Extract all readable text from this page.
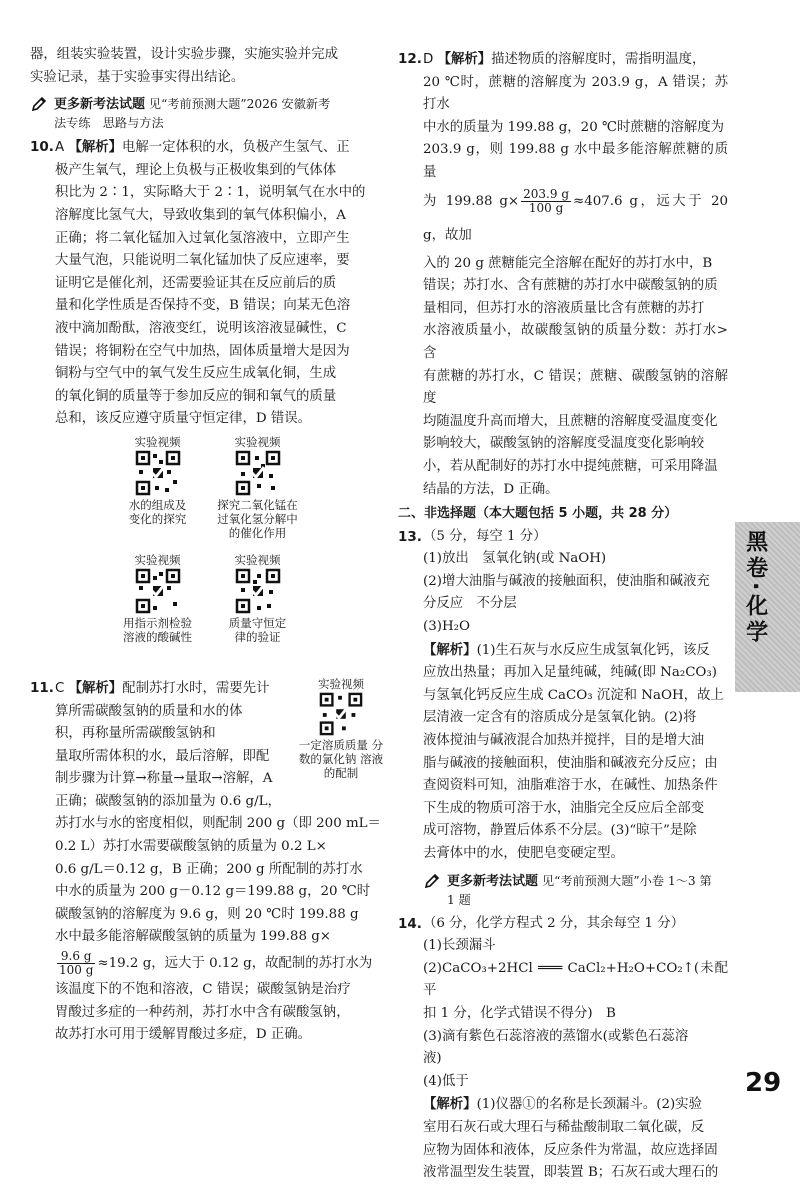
器，组装实验装置，设计实验步骤，实施实验并完成

实验记录，基于实验事实得出结论。

更多新考法试题 见“考前预测大题”2026 安徽新考
法专练　思路与方法
10. A 【解析】电解一定体积的水，负极产生氢气、正

极产生氧气，理论上负极与正极收集到的气体体

积比为 2∶1，实际略大于 2∶1，说明氧气在水中的

溶解度比氢气大，导致收集到的氧气体积偏小，A

正确；将二氧化锰加入过氧化氢溶液中，立即产生

大量气泡，只能说明二氧化锰加快了反应速率，要

证明它是催化剂，还需要验证其在反应前后的质

量和化学性质是否保持不变，B 错误；向某无色溶

液中滴加酚酞，溶液变红，说明该溶液显碱性，C

错误；将铜粉在空气中加热，固体质量增大是因为

铜粉与空气中的氧气发生反应生成氧化铜，生成

的氧化铜的质量等于参加反应的铜和氧气的质量

总和，该反应遵守质量守恒定律，D 错误。

实验视频
水的组成及
变化的探究
实验视频
探究二氧化锰在
过氧化氢分解中
的催化作用
实验视频
用指示剂检验
溶液的酸碱性
实验视频
质量守恒定
律的验证
实验视频
一定溶质质量 分数的氯化钠 溶液的配制
11. C 【解析】配制苏打水时，需要先计

算所需碳酸氢钠的质量和水的体

积，再称量所需碳酸氢钠和

量取所需体积的水，最后溶解，即配

制步骤为计算→称量→量取→溶解，A

正确；碳酸氢钠的添加量为 0.6 g/L，

苏打水与水的密度相似，则配制 200 g（即 200 mL＝

0.2 L）苏打水需要碳酸氢钠的质量为 0.2 L×

0.6 g/L＝0.12 g，B 正确；200 g 所配制的苏打水

中水的质量为 200 g－0.12 g＝199.88 g，20 ℃时

碳酸氢钠的溶解度为 9.6 g，则 20 ℃时 199.88 g

水中最多能溶解碳酸氢钠的质量为 199.88 g×

$\frac{9.6 g}{100 g} \approx 19.2$ g，远大于 0.12 g，故配制的苏打水为

该温度下的不饱和溶液，C 错误；碳酸氢钠是治疗

胃酸过多症的一种药剂，苏打水中含有碳酸氢钠，

故苏打水可用于缓解胃酸过多症，D 正确。

12. D 【解析】描述物质的溶解度时，需指明温度，

20 ℃时，蔗糖的溶解度为 203.9 g，A 错误；苏打水

中水的质量为 199.88 g，20 ℃时蔗糖的溶解度为

203.9 g，则 199.88 g 水中最多能溶解蔗糖的质量

为 199.88 $g\times \frac{203.9 g}{100 g} \approx 407.6$ g，远大于 20 g，故加

入的 20 g 蔗糖能完全溶解在配好的苏打水中，B

错误；苏打水、含有蔗糖的苏打水中碳酸氢钠的质

量相同，但苏打水的溶液质量比含有蔗糖的苏打

水溶液质量小，故碳酸氢钠的质量分数：苏打水>含

有蔗糖的苏打水，C 错误；蔗糖、碳酸氢钠的溶解度

均随温度升高而增大，且蔗糖的溶解度受温度变化

影响较大，碳酸氢钠的溶解度受温度变化影响较

小，若从配制好的苏打水中提纯蔗糖，可采用降温

结晶的方法，D 正确。

二、非选择题（本大题包括 5 小题，共 28 分）

13. （5 分，每空 1 分）

(1)放出　氢氧化钠(或 NaOH)

(2)增大油脂与碱液的接触面积，使油脂和碱液充

分反应　不分层

(3)H₂O

【解析】(1)生石灰与水反应生成氢氧化钙，该反

应放出热量；再加入足量纯碱，纯碱(即 Na₂CO₃)

与氢氧化钙反应生成 CaCO₃ 沉淀和 NaOH，故上

层清液一定含有的溶质成分是氢氧化钠。(2)将

液体搅油与碱液混合加热并搅拌，目的是增大油

脂与碱液的接触面积，使油脂和碱液充分反应；由

查阅资料可知，油脂难溶于水，在碱性、加热条件

下生成的物质可溶于水，油脂完全反应后全部变

成可溶物，静置后体系不分层。(3)“晾干”是除

去膏体中的水，使肥皂变硬定型。

更多新考法试题 见“考前预测大题”小卷 1～3 第
1 题
14. （6 分，化学方程式 2 分，其余每空 1 分）

(1)长颈漏斗

(2)CaCO₃+2HCl ═══ CaCl₂+H₂O+CO₂↑(未配平

扣 1 分，化学式错误不得分)　B

(3)滴有紫色石蕊溶液的蒸馏水(或紫色石蕊溶

液)

(4)低于

【解析】(1)仪器①的名称是长颈漏斗。(2)实验

室用石灰石或大理石与稀盐酸制取二氧化碳，反

应物为固体和液体，反应条件为常温，故应选择固

液常温型发生装置，即装置 B；石灰石或大理石的

黑卷·化学
29
